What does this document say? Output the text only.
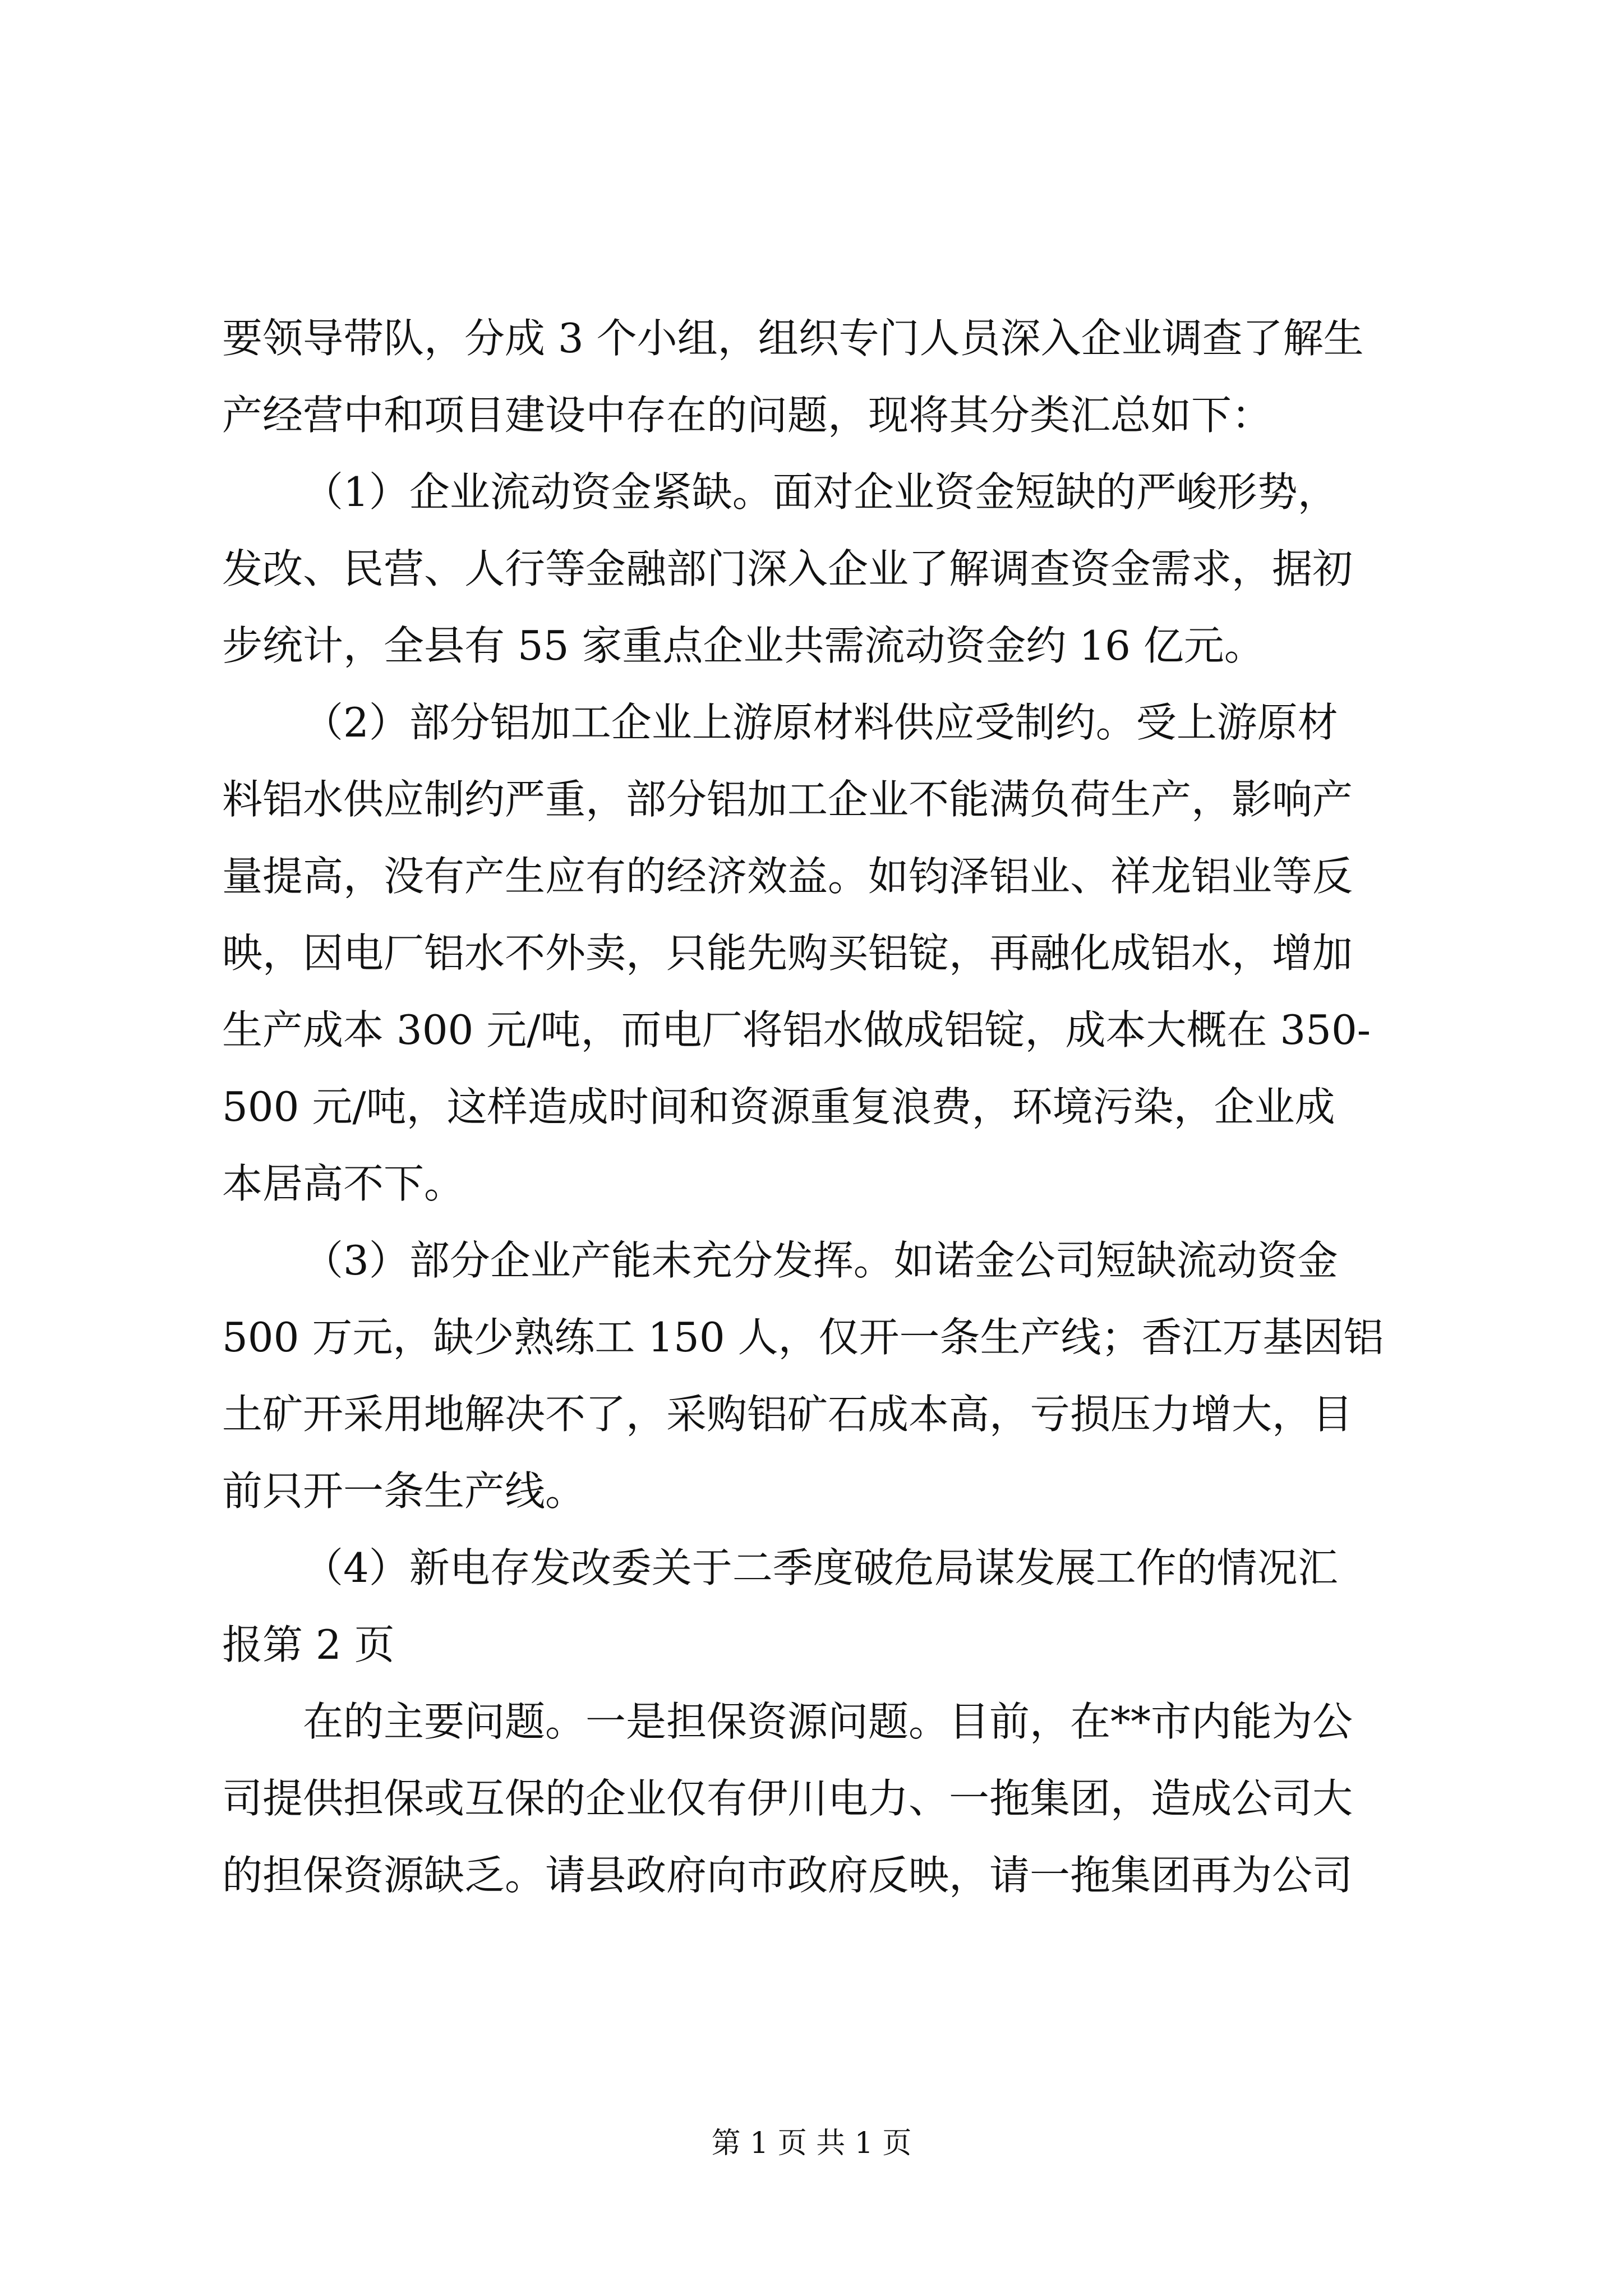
要领导带队，分成 3 个小组，组织专门人员深入企业调查了解生
产经营中和项目建设中存在的问题，现将其分类汇总如下：
（1）企业流动资金紧缺。面对企业资金短缺的严峻形势，
发改、民营、人行等金融部门深入企业了解调查资金需求，据初
步统计，全县有 55 家重点企业共需流动资金约 16 亿元。
（2）部分铝加工企业上游原材料供应受制约。受上游原材
料铝水供应制约严重，部分铝加工企业不能满负荷生产，影响产
量提高，没有产生应有的经济效益。如钧泽铝业、祥龙铝业等反
映，因电厂铝水不外卖，只能先购买铝锭，再融化成铝水，增加
生产成本 300 元/吨，而电厂将铝水做成铝锭，成本大概在 350-
500 元/吨，这样造成时间和资源重复浪费，环境污染，企业成
本居高不下。
（3）部分企业产能未充分发挥。如诺金公司短缺流动资金
500 万元，缺少熟练工 150 人，仅开一条生产线；香江万基因铝
土矿开采用地解决不了，采购铝矿石成本高，亏损压力增大，目
前只开一条生产线。
（4）新电存发改委关于二季度破危局谋发展工作的情况汇
报第 2 页
在的主要问题。一是担保资源问题。目前，在**市内能为公
司提供担保或互保的企业仅有伊川电力、一拖集团，造成公司大
的担保资源缺乏。请县政府向市政府反映，请一拖集团再为公司
第 1 页 共 1 页
